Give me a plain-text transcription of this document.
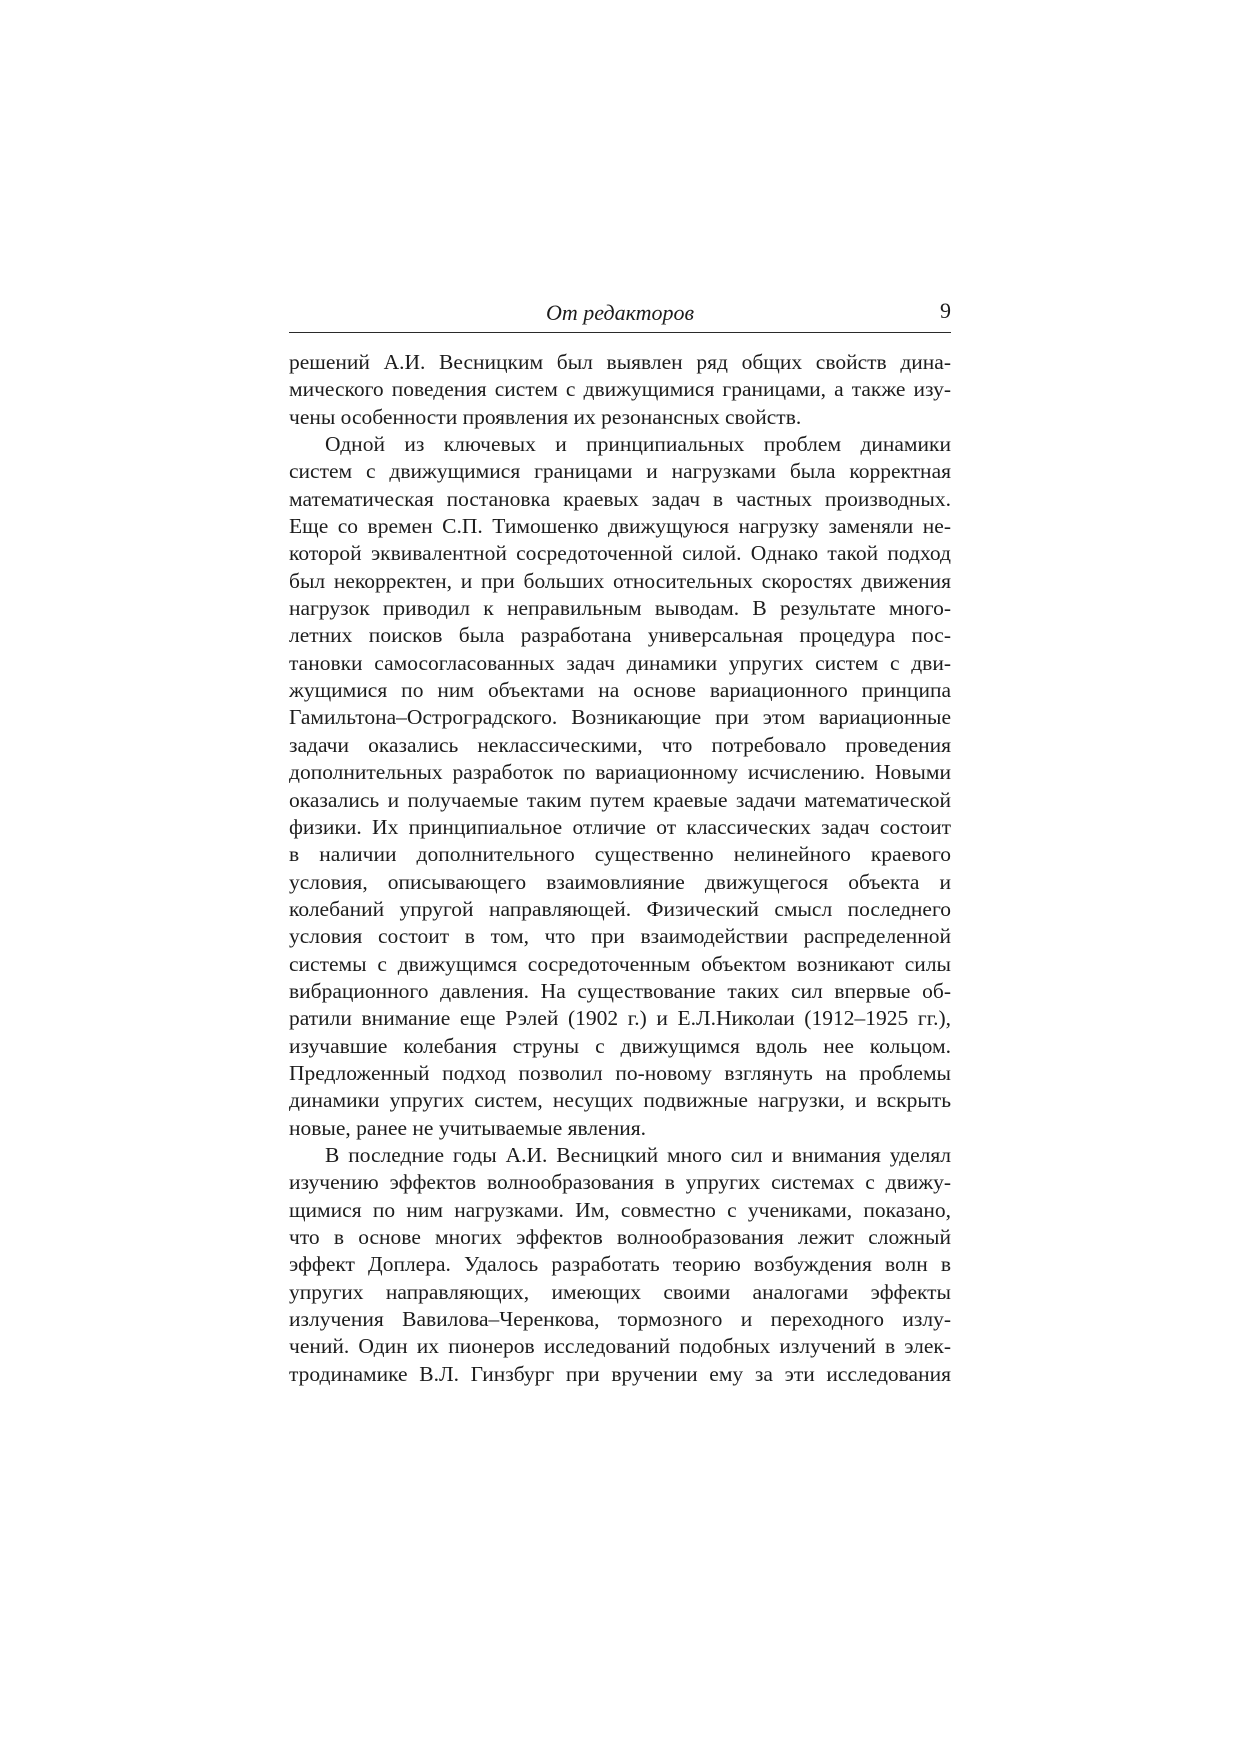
От редакторов	9
решений А.И. Весницким был выявлен ряд общих свойств дина-
мического поведения систем с движущимися границами, а также изу-
чены особенности проявления их резонансных свойств.
Одной из ключевых и принципиальных проблем динамики
систем с движущимися границами и нагрузками была корректная
математическая постановка краевых задач в частных производных.
Еще со времен С.П. Тимошенко движущуюся нагрузку заменяли не-
которой эквивалентной сосредоточенной силой. Однако такой подход
был некорректен, и при больших относительных скоростях движения
нагрузок приводил к неправильным выводам. В результате много-
летних поисков была разработана универсальная процедура пос-
тановки самосогласованных задач динамики упругих систем с дви-
жущимися по ним объектами на основе вариационного принципа
Гамильтона–Остроградского. Возникающие при этом вариационные
задачи оказались неклассическими, что потребовало проведения
дополнительных разработок по вариационному исчислению. Новыми
оказались и получаемые таким путем краевые задачи математической
физики. Их принципиальное отличие от классических задач состоит
в наличии дополнительного существенно нелинейного краевого
условия, описывающего взаимовлияние движущегося объекта и
колебаний упругой направляющей. Физический смысл последнего
условия состоит в том, что при взаимодействии распределенной
системы с движущимся сосредоточенным объектом возникают силы
вибрационного давления. На существование таких сил впервые об-
ратили внимание еще Рэлей (1902 г.) и Е.Л.Николаи (1912–1925 гг.),
изучавшие колебания струны с движущимся вдоль нее кольцом.
Предложенный подход позволил по-новому взглянуть на проблемы
динамики упругих систем, несущих подвижные нагрузки, и вскрыть
новые, ранее не учитываемые явления.
В последние годы А.И. Весницкий много сил и внимания уделял
изучению эффектов волнообразования в упругих системах с движу-
щимися по ним нагрузками. Им, совместно с учениками, показано,
что в основе многих эффектов волнообразования лежит сложный
эффект Доплера. Удалось разработать теорию возбуждения волн в
упругих направляющих, имеющих своими аналогами эффекты
излучения Вавилова–Черенкова, тормозного и переходного излу-
чений. Один их пионеров исследований подобных излучений в элек-
тродинамике В.Л. Гинзбург при вручении ему за эти исследования
